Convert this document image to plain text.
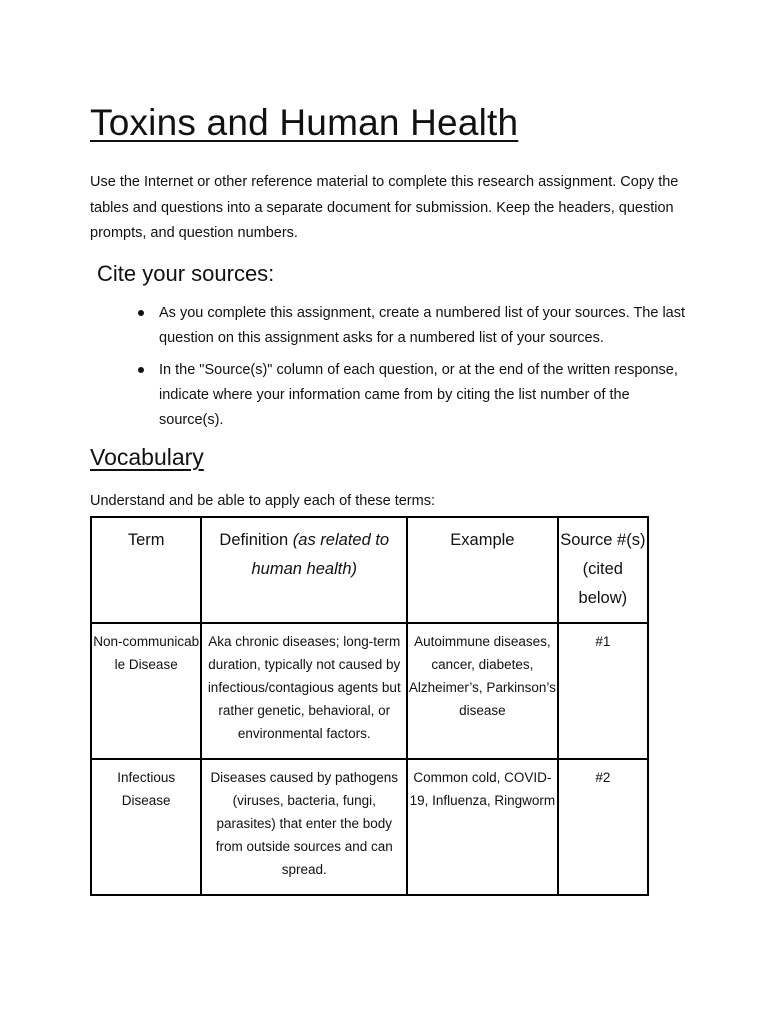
Toxins and Human Health

Use the Internet or other reference material to complete this research assignment. Copy the tables and questions into a separate document for submission. Keep the headers, question prompts, and question numbers.

Cite your sources:
As you complete this assignment, create a numbered list of your sources. The last question on this assignment asks for a numbered list of your sources.
In the "Source(s)" column of each question, or at the end of the written response, indicate where your information came from by citing the list number of the source(s).
Vocabulary

Understand and be able to apply each of these terms:

Term	Definition (as related to human health)	Example	Source #(s) (cited below)
Non-communicable Disease	Aka chronic diseases; long-term duration, typically not caused by infectious/contagious agents but rather genetic, behavioral, or environmental factors.	Autoimmune diseases, cancer, diabetes, Alzheimer’s, Parkinson’s disease	#1
Infectious Disease	Diseases caused by pathogens (viruses, bacteria, fungi, parasites) that enter the body from outside sources and can spread.	Common cold, COVID-19, Influenza, Ringworm	#2
